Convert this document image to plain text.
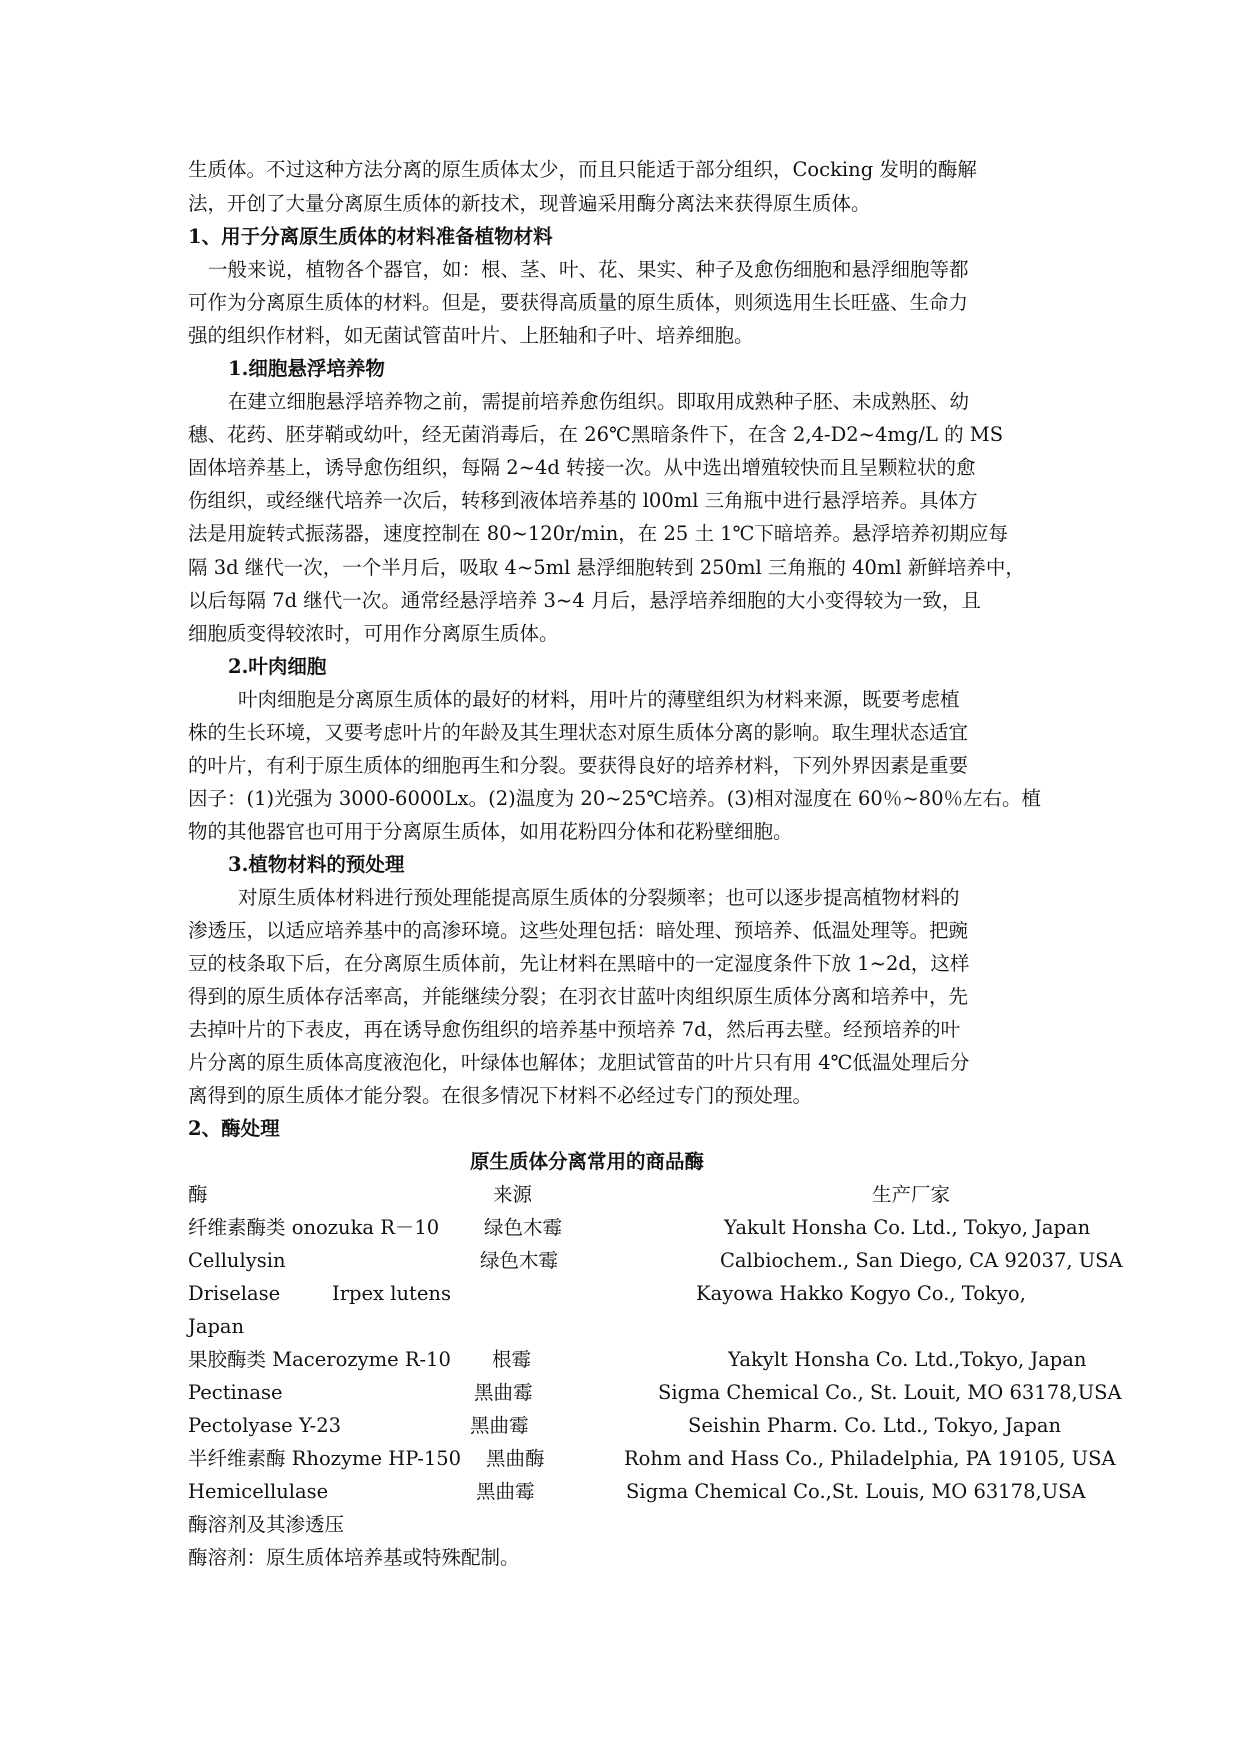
生质体。不过这种方法分离的原生质体太少，而且只能适于部分组织，Cocking 发明的酶解
法，开创了大量分离原生质体的新技术，现普遍采用酶分离法来获得原生质体。
1、用于分离原生质体的材料准备植物材料
一般来说，植物各个器官，如：根、茎、叶、花、果实、种子及愈伤细胞和悬浮细胞等都
可作为分离原生质体的材料。但是，要获得高质量的原生质体，则须选用生长旺盛、生命力
强的组织作材料，如无菌试管苗叶片、上胚轴和子叶、培养细胞。
1.细胞悬浮培养物
在建立细胞悬浮培养物之前，需提前培养愈伤组织。即取用成熟种子胚、未成熟胚、幼
穗、花药、胚芽鞘或幼叶，经无菌消毒后，在 26℃黑暗条件下，在含 2,4-D2~4mg/L 的 MS
固体培养基上，诱导愈伤组织，每隔 2~4d 转接一次。从中选出增殖较快而且呈颗粒状的愈
伤组织，或经继代培养一次后，转移到液体培养基的 l00ml 三角瓶中进行悬浮培养。具体方
法是用旋转式振荡器，速度控制在 80~120r/min，在 25 土 1℃下暗培养。悬浮培养初期应每
隔 3d 继代一次，一个半月后，吸取 4~5ml 悬浮细胞转到 250ml 三角瓶的 40ml 新鲜培养中，
以后每隔 7d 继代一次。通常经悬浮培养 3~4 月后，悬浮培养细胞的大小变得较为一致，且
细胞质变得较浓时，可用作分离原生质体。
2.叶肉细胞
叶肉细胞是分离原生质体的最好的材料，用叶片的薄壁组织为材料来源，既要考虑植
株的生长环境，又要考虑叶片的年龄及其生理状态对原生质体分离的影响。取生理状态适宜
的叶片，有利于原生质体的细胞再生和分裂。要获得良好的培养材料，下列外界因素是重要
因子：(1)光强为 3000-6000Lx。(2)温度为 20~25℃培养。(3)相对湿度在 60％~80％左右。植
物的其他器官也可用于分离原生质体，如用花粉四分体和花粉壁细胞。
3.植物材料的预处理
对原生质体材料进行预处理能提高原生质体的分裂频率；也可以逐步提高植物材料的
渗透压，以适应培养基中的高渗环境。这些处理包括：暗处理、预培养、低温处理等。把豌
豆的枝条取下后，在分离原生质体前，先让材料在黑暗中的一定湿度条件下放 1~2d，这样
得到的原生质体存活率高，并能继续分裂；在羽衣甘蓝叶肉组织原生质体分离和培养中，先
去掉叶片的下表皮，再在诱导愈伤组织的培养基中预培养 7d，然后再去壁。经预培养的叶
片分离的原生质体高度液泡化，叶绿体也解体；龙胆试管苗的叶片只有用 4℃低温处理后分
离得到的原生质体才能分裂。在很多情况下材料不必经过专门的预处理。
2、酶处理
原生质体分离常用的商品酶
酶	来源	生产厂家
纤维素酶类 onozuka R－10 绿色木霉	Yakult Honsha Co. Ltd., Tokyo, Japan
Cellulysin	绿色木霉	Calbiochem., San Diego, CA 92037, USA
Driselase	Irpex lutens	Kayowa Hakko Kogyo Co., Tokyo,
Japan
果胶酶类 Macerozyme R-10 根霉	Yakylt Honsha Co. Ltd.,Tokyo, Japan
Pectinase	黑曲霉	Sigma Chemical Co., St. Louit, MO 63178,USA
Pectolyase Y-23	黑曲霉	Seishin Pharm. Co. Ltd., Tokyo, Japan
半纤维素酶 Rhozyme HP-150 黑曲酶	Rohm and Hass Co., Philadelphia, PA 19105, USA
Hemicellulase	黑曲霉	Sigma Chemical Co.,St. Louis, MO 63178,USA
酶溶剂及其渗透压
酶溶剂：原生质体培养基或特殊配制。
